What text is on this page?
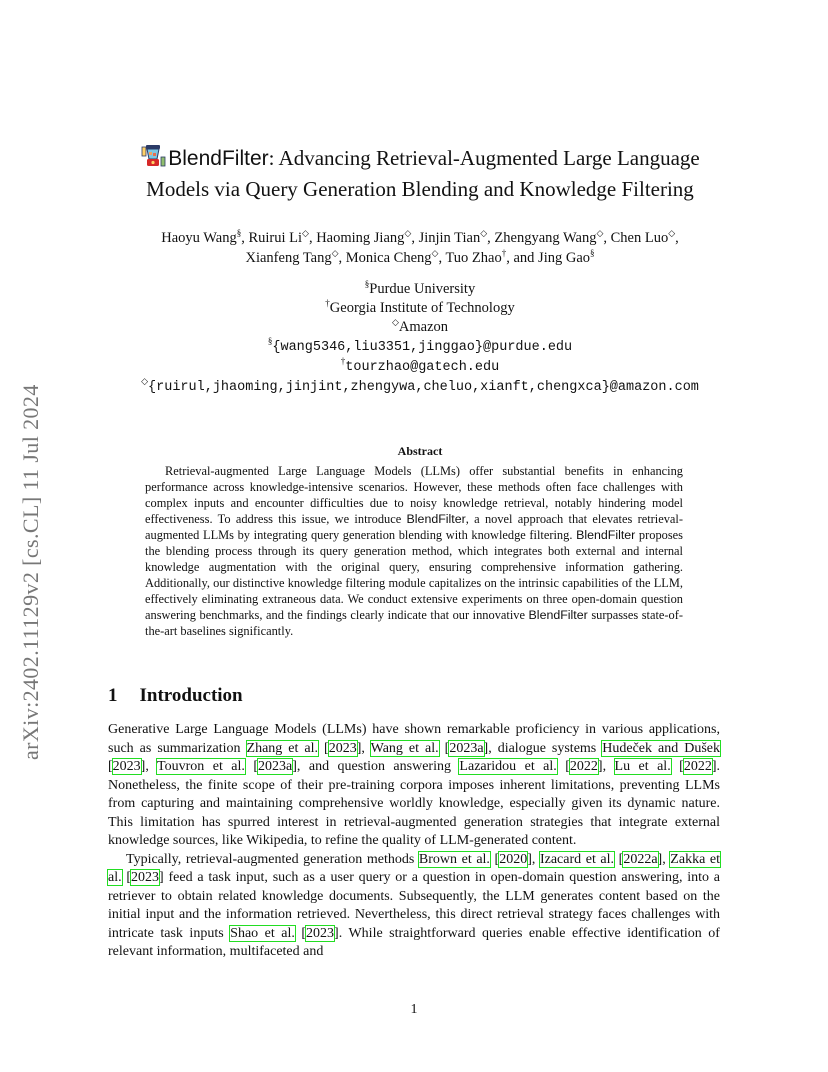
arXiv:2402.11129v2 [cs.CL] 11 Jul 2024
BlendFilter: Advancing Retrieval-Augmented Large Language
Models via Query Generation Blending and Knowledge Filtering
Haoyu Wang§, Ruirui Li◇, Haoming Jiang◇, Jinjin Tian◇, Zhengyang Wang◇, Chen Luo◇,
Xianfeng Tang◇, Monica Cheng◇, Tuo Zhao†, and Jing Gao§
§Purdue University
†Georgia Institute of Technology
◇Amazon
§{wang5346,liu3351,jinggao}@purdue.edu
†tourzhao@gatech.edu
◇{ruirul,jhaoming,jinjint,zhengywa,cheluo,xianft,chengxca}@amazon.com
Abstract

Retrieval-augmented Large Language Models (LLMs) offer substantial benefits in enhancing performance across knowledge-intensive scenarios. However, these methods often face challenges with complex inputs and encounter difficulties due to noisy knowledge retrieval, notably hindering model effectiveness. To address this issue, we introduce BlendFilter, a novel approach that elevates retrieval-augmented LLMs by integrating query generation blending with knowledge filtering. BlendFilter proposes the blending process through its query generation method, which integrates both external and internal knowledge augmentation with the original query, ensuring comprehensive information gathering. Additionally, our distinctive knowledge filtering module capitalizes on the intrinsic capabilities of the LLM, effectively eliminating extraneous data. We conduct extensive experiments on three open-domain question answering benchmarks, and the findings clearly indicate that our innovative BlendFilter surpasses state-of-the-art baselines significantly.

1 Introduction

Generative Large Language Models (LLMs) have shown remarkable proficiency in various applications, such as summarization Zhang et al. [2023], Wang et al. [2023a], dialogue systems Hudeček and Dušek [2023], Touvron et al. [2023a], and question answering Lazaridou et al. [2022], Lu et al. [2022]. Nonetheless, the finite scope of their pre-training corpora imposes inherent limitations, preventing LLMs from capturing and maintaining comprehensive worldly knowledge, especially given its dynamic nature. This limitation has spurred interest in retrieval-augmented generation strategies that integrate external knowledge sources, like Wikipedia, to refine the quality of LLM-generated content.

Typically, retrieval-augmented generation methods Brown et al. [2020], Izacard et al. [2022a], Zakka et al. [2023] feed a task input, such as a user query or a question in open-domain question answering, into a retriever to obtain related knowledge documents. Subsequently, the LLM generates content based on the initial input and the information retrieved. Nevertheless, this direct retrieval strategy faces challenges with intricate task inputs Shao et al. [2023]. While straightforward queries enable effective identification of relevant information, multifaceted and

1
